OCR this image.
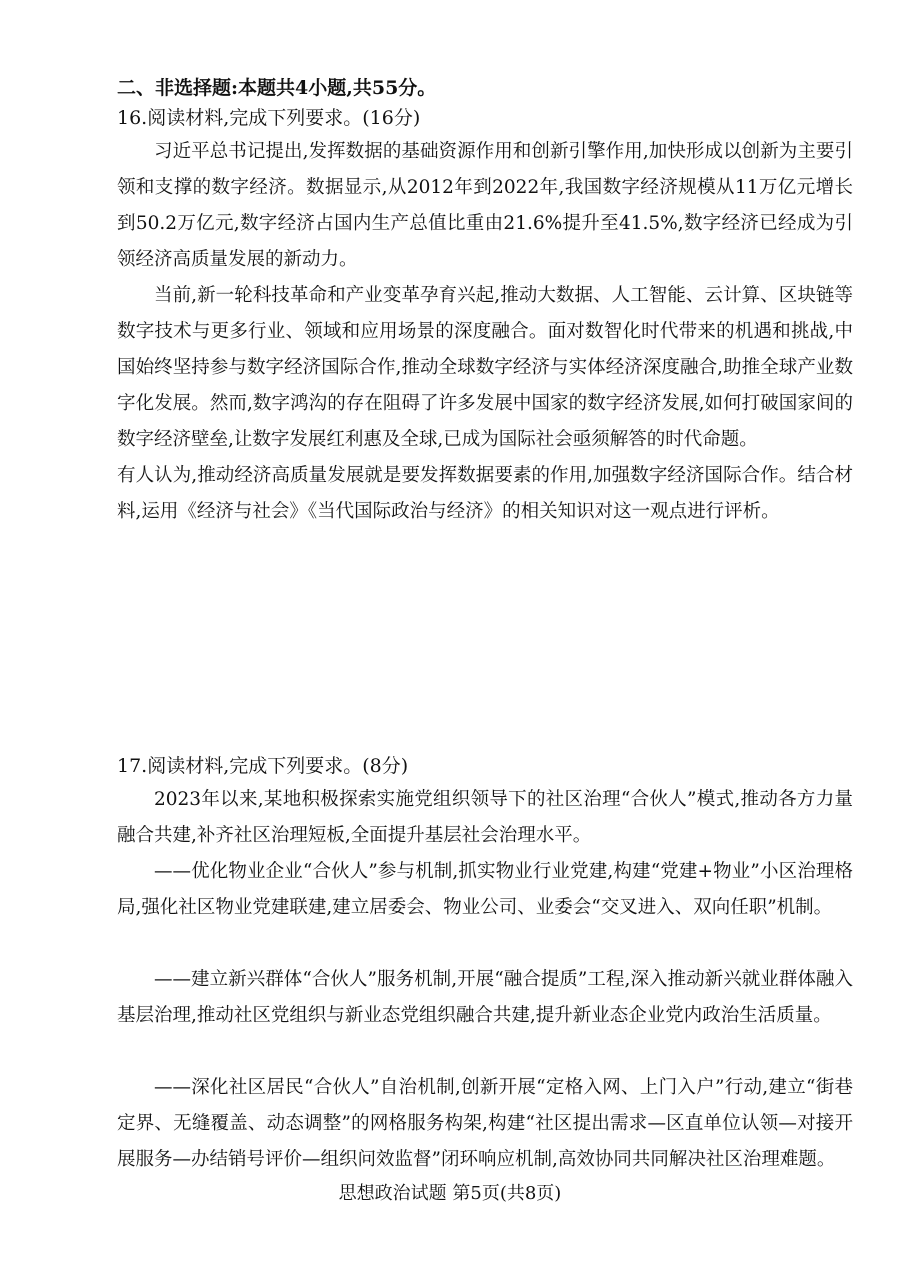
二、非选择题:本题共4小题,共55分。
16.阅读材料,完成下列要求。(16分)

习近平总书记提出,发挥数据的基础资源作用和创新引擎作用,加快形成以创新为主要引领和支撑的数字经济。数据显示,从2012年到2022年,我国数字经济规模从11万亿元增长到50.2万亿元,数字经济占国内生产总值比重由21.6%提升至41.5%,数字经济已经成为引领经济高质量发展的新动力。

当前,新一轮科技革命和产业变革孕育兴起,推动大数据、人工智能、云计算、区块链等数字技术与更多行业、领域和应用场景的深度融合。面对数智化时代带来的机遇和挑战,中国始终坚持参与数字经济国际合作,推动全球数字经济与实体经济深度融合,助推全球产业数字化发展。然而,数字鸿沟的存在阻碍了许多发展中国家的数字经济发展,如何打破国家间的数字经济壁垒,让数字发展红利惠及全球,已成为国际社会亟须解答的时代命题。

有人认为,推动经济高质量发展就是要发挥数据要素的作用,加强数字经济国际合作。结合材料,运用《经济与社会》《当代国际政治与经济》的相关知识对这一观点进行评析。

17.阅读材料,完成下列要求。(8分)

2023年以来,某地积极探索实施党组织领导下的社区治理“合伙人”模式,推动各方力量融合共建,补齐社区治理短板,全面提升基层社会治理水平。

——优化物业企业“合伙人”参与机制,抓实物业行业党建,构建“党建+物业”小区治理格局,强化社区物业党建联建,建立居委会、物业公司、业委会“交叉进入、双向任职”机制。

——建立新兴群体“合伙人”服务机制,开展“融合提质”工程,深入推动新兴就业群体融入基层治理,推动社区党组织与新业态党组织融合共建,提升新业态企业党内政治生活质量。

——深化社区居民“合伙人”自治机制,创新开展“定格入网、上门入户”行动,建立“街巷定界、无缝覆盖、动态调整”的网格服务构架,构建“社区提出需求—区直单位认领—对接开展服务—办结销号评价—组织问效监督”闭环响应机制,高效协同共同解决社区治理难题。

思想政治试题 第5页(共8页)
